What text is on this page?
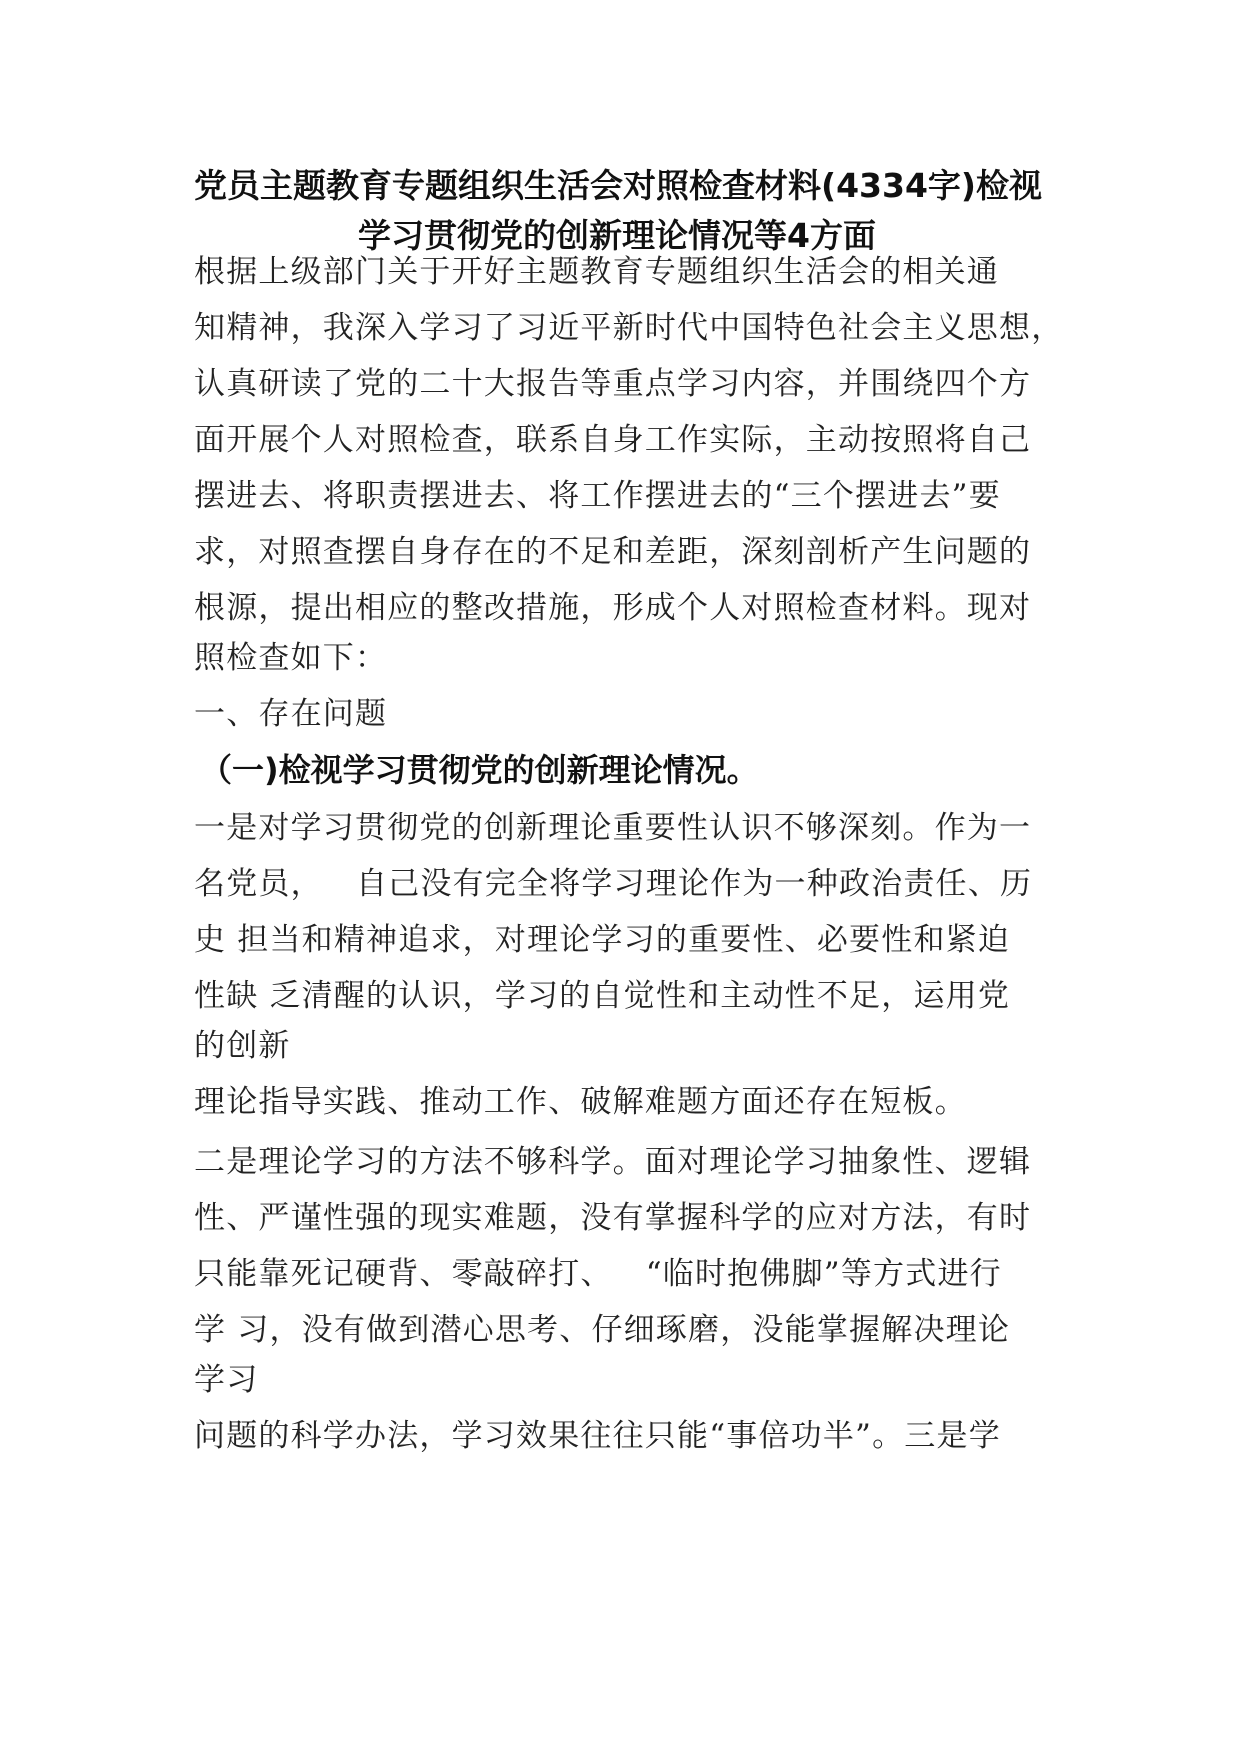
党员主题教育专题组织生活会对照检查材料(4334字)检视
学习贯彻党的创新理论情况等4方面
根据上级部门关于开好主题教育专题组织生活会的相关通
知精神，我深入学习了习近平新时代中国特色社会主义思想，
认真研读了党的二十大报告等重点学习内容，并围绕四个方
面开展个人对照检查，联系自身工作实际，主动按照将自己
摆进去、将职责摆进去、将工作摆进去的“三个摆进去”要
求，对照查摆自身存在的不足和差距，深刻剖析产生问题的
根源，提出相应的整改措施，形成个人对照检查材料。现对
照检查如下：
一、存在问题
（一)检视学习贯彻党的创新理论情况。
一是对学习贯彻党的创新理论重要性认识不够深刻。作为一
名党员，   自己没有完全将学习理论作为一种政治责任、历
史 担当和精神追求，对理论学习的重要性、必要性和紧迫
性缺 乏清醒的认识，学习的自觉性和主动性不足，运用党
的创新
理论指导实践、推动工作、破解难题方面还存在短板。
二是理论学习的方法不够科学。面对理论学习抽象性、逻辑
性、严谨性强的现实难题，没有掌握科学的应对方法，有时
只能靠死记硬背、零敲碎打、   “临时抱佛脚”等方式进行
学 习，没有做到潜心思考、仔细琢磨，没能掌握解决理论
学习
问题的科学办法，学习效果往往只能“事倍功半”。三是学
